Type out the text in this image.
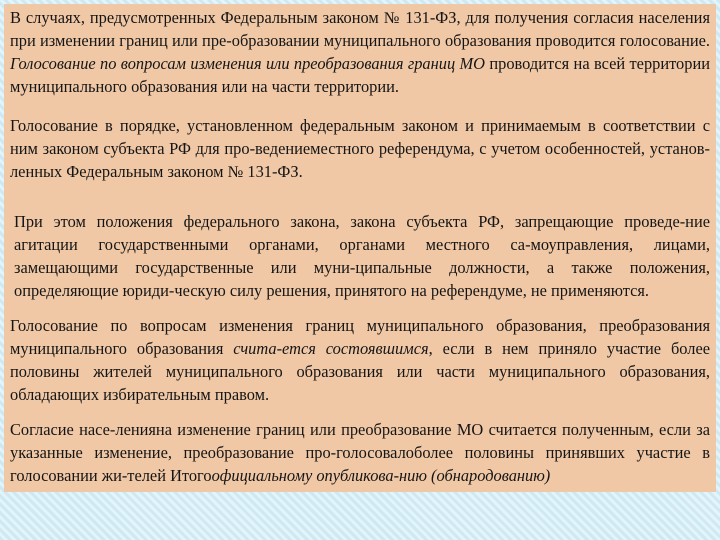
В случаях, предусмотренных Федеральным законом № 131-ФЗ, для получения согласия населения при изменении границ или пре-образовании муниципального образования проводится голосование. Голосование по вопросам изменения или преобразования границ МО проводится на всей территории муниципального образования или на части территории.

Голосование в порядке, установленном федеральным законом и принимаемым в соответствии с ним законом субъекта РФ для про-ведениеместного референдума, с учетом особенностей, установ-ленных Федеральным законом № 131-ФЗ.

При этом положения федерального закона, закона субъекта РФ, запрещающие проведе-ние агитации государственными органами, органами местного са-моуправления, лицами, замещающими государственные или муни-ципальные должности, а также положения, определяющие юриди-ческую силу решения, принятого на референдуме, не применяются.

Голосование по вопросам изменения границ муниципального образования, преобразования муниципального образования счита-ется состоявшимся, если в нем приняло участие более половины жителей муниципального образования или части муниципального образования, обладающих избирательным правом.

Согласие насе-ленияна изменение границ или преобразование МО считается полученным, если за указанные изменение, преобразование про-голосовалоболее половины принявших участие в голосовании жи-телей Итогоофициальному опубликова-нию (обнародованию)
